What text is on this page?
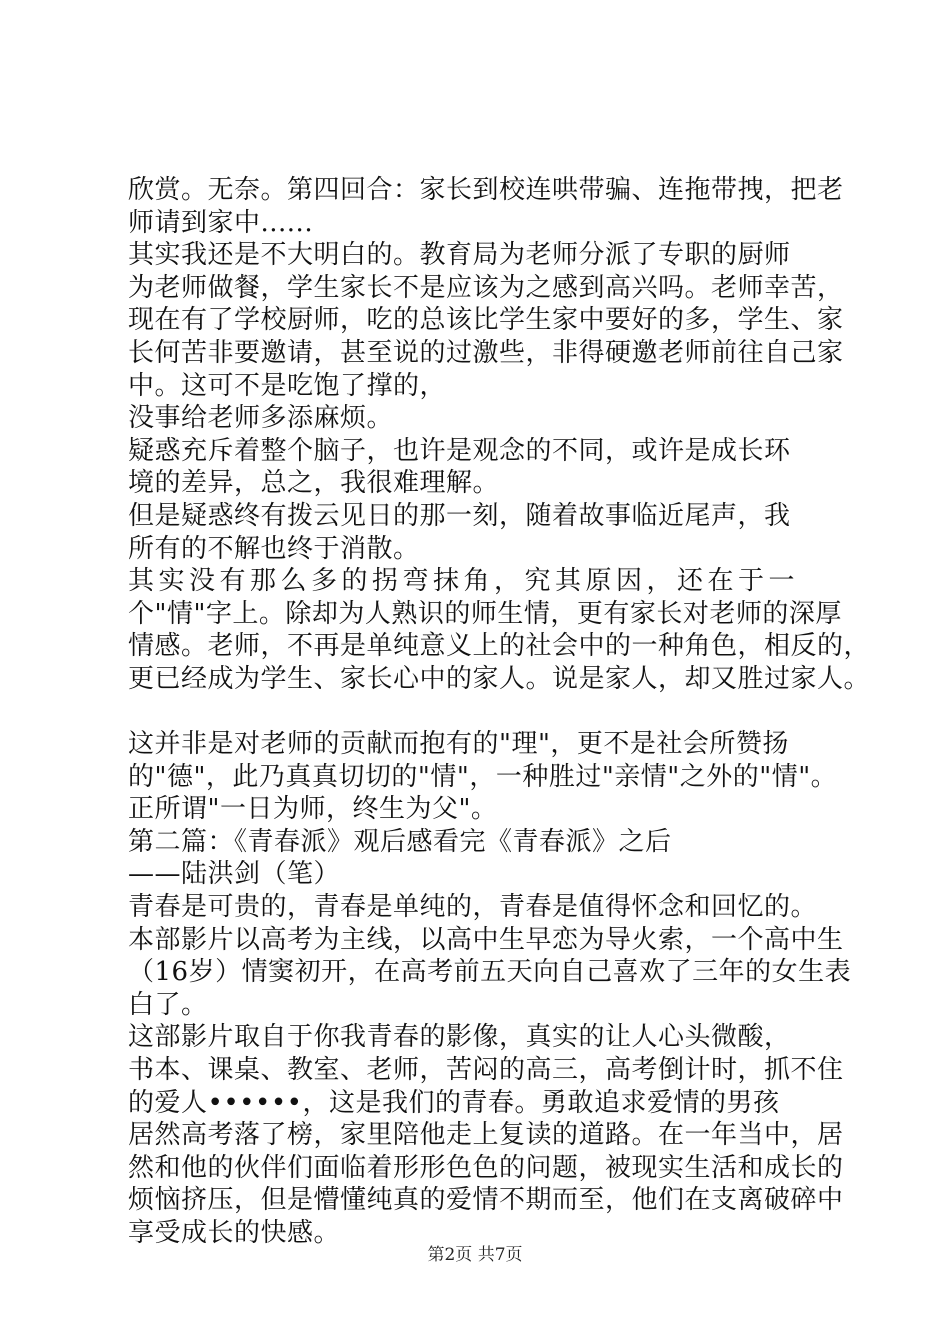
欣赏。无奈。第四回合：家长到校连哄带骗、连拖带拽，把老

师请到家中......

其实我还是不大明白的。教育局为老师分派了专职的厨师

为老师做餐，学生家长不是应该为之感到高兴吗。老师幸苦，

现在有了学校厨师，吃的总该比学生家中要好的多，学生、家

长何苦非要邀请，甚至说的过激些，非得硬邀老师前往自己家

中。这可不是吃饱了撑的，

没事给老师多添麻烦。

疑惑充斥着整个脑子，也许是观念的不同，或许是成长环

境的差异，总之，我很难理解。

但是疑惑终有拨云见日的那一刻，随着故事临近尾声，我

所有的不解也终于消散。

其实没有那么多的拐弯抹角，究其原因，还在于一

个"情"字上。除却为人熟识的师生情，更有家长对老师的深厚

情感。老师，不再是单纯意义上的社会中的一种角色，相反的，

更已经成为学生、家长心中的家人。说是家人，却又胜过家人。

这并非是对老师的贡献而抱有的"理"，更不是社会所赞扬

的"德"，此乃真真切切的"情"，一种胜过"亲情"之外的"情"。

正所谓"一日为师，终生为父"。

第二篇：《青春派》观后感看完《青春派》之后

——陆洪剑（笔）

青春是可贵的，青春是单纯的，青春是值得怀念和回忆的。

本部影片以高考为主线，以高中生早恋为导火索，一个高中生

（16岁）情窦初开，在高考前五天向自己喜欢了三年的女生表

白了。

这部影片取自于你我青春的影像，真实的让人心头微酸，

书本、课桌、教室、老师，苦闷的高三，高考倒计时，抓不住

的爱人••••••，这是我们的青春。勇敢追求爱情的男孩

居然高考落了榜，家里陪他走上复读的道路。在一年当中，居

然和他的伙伴们面临着形形色色的问题，被现实生活和成长的

烦恼挤压，但是懵懂纯真的爱情不期而至，他们在支离破碎中

享受成长的快感。

第2页 共7页
